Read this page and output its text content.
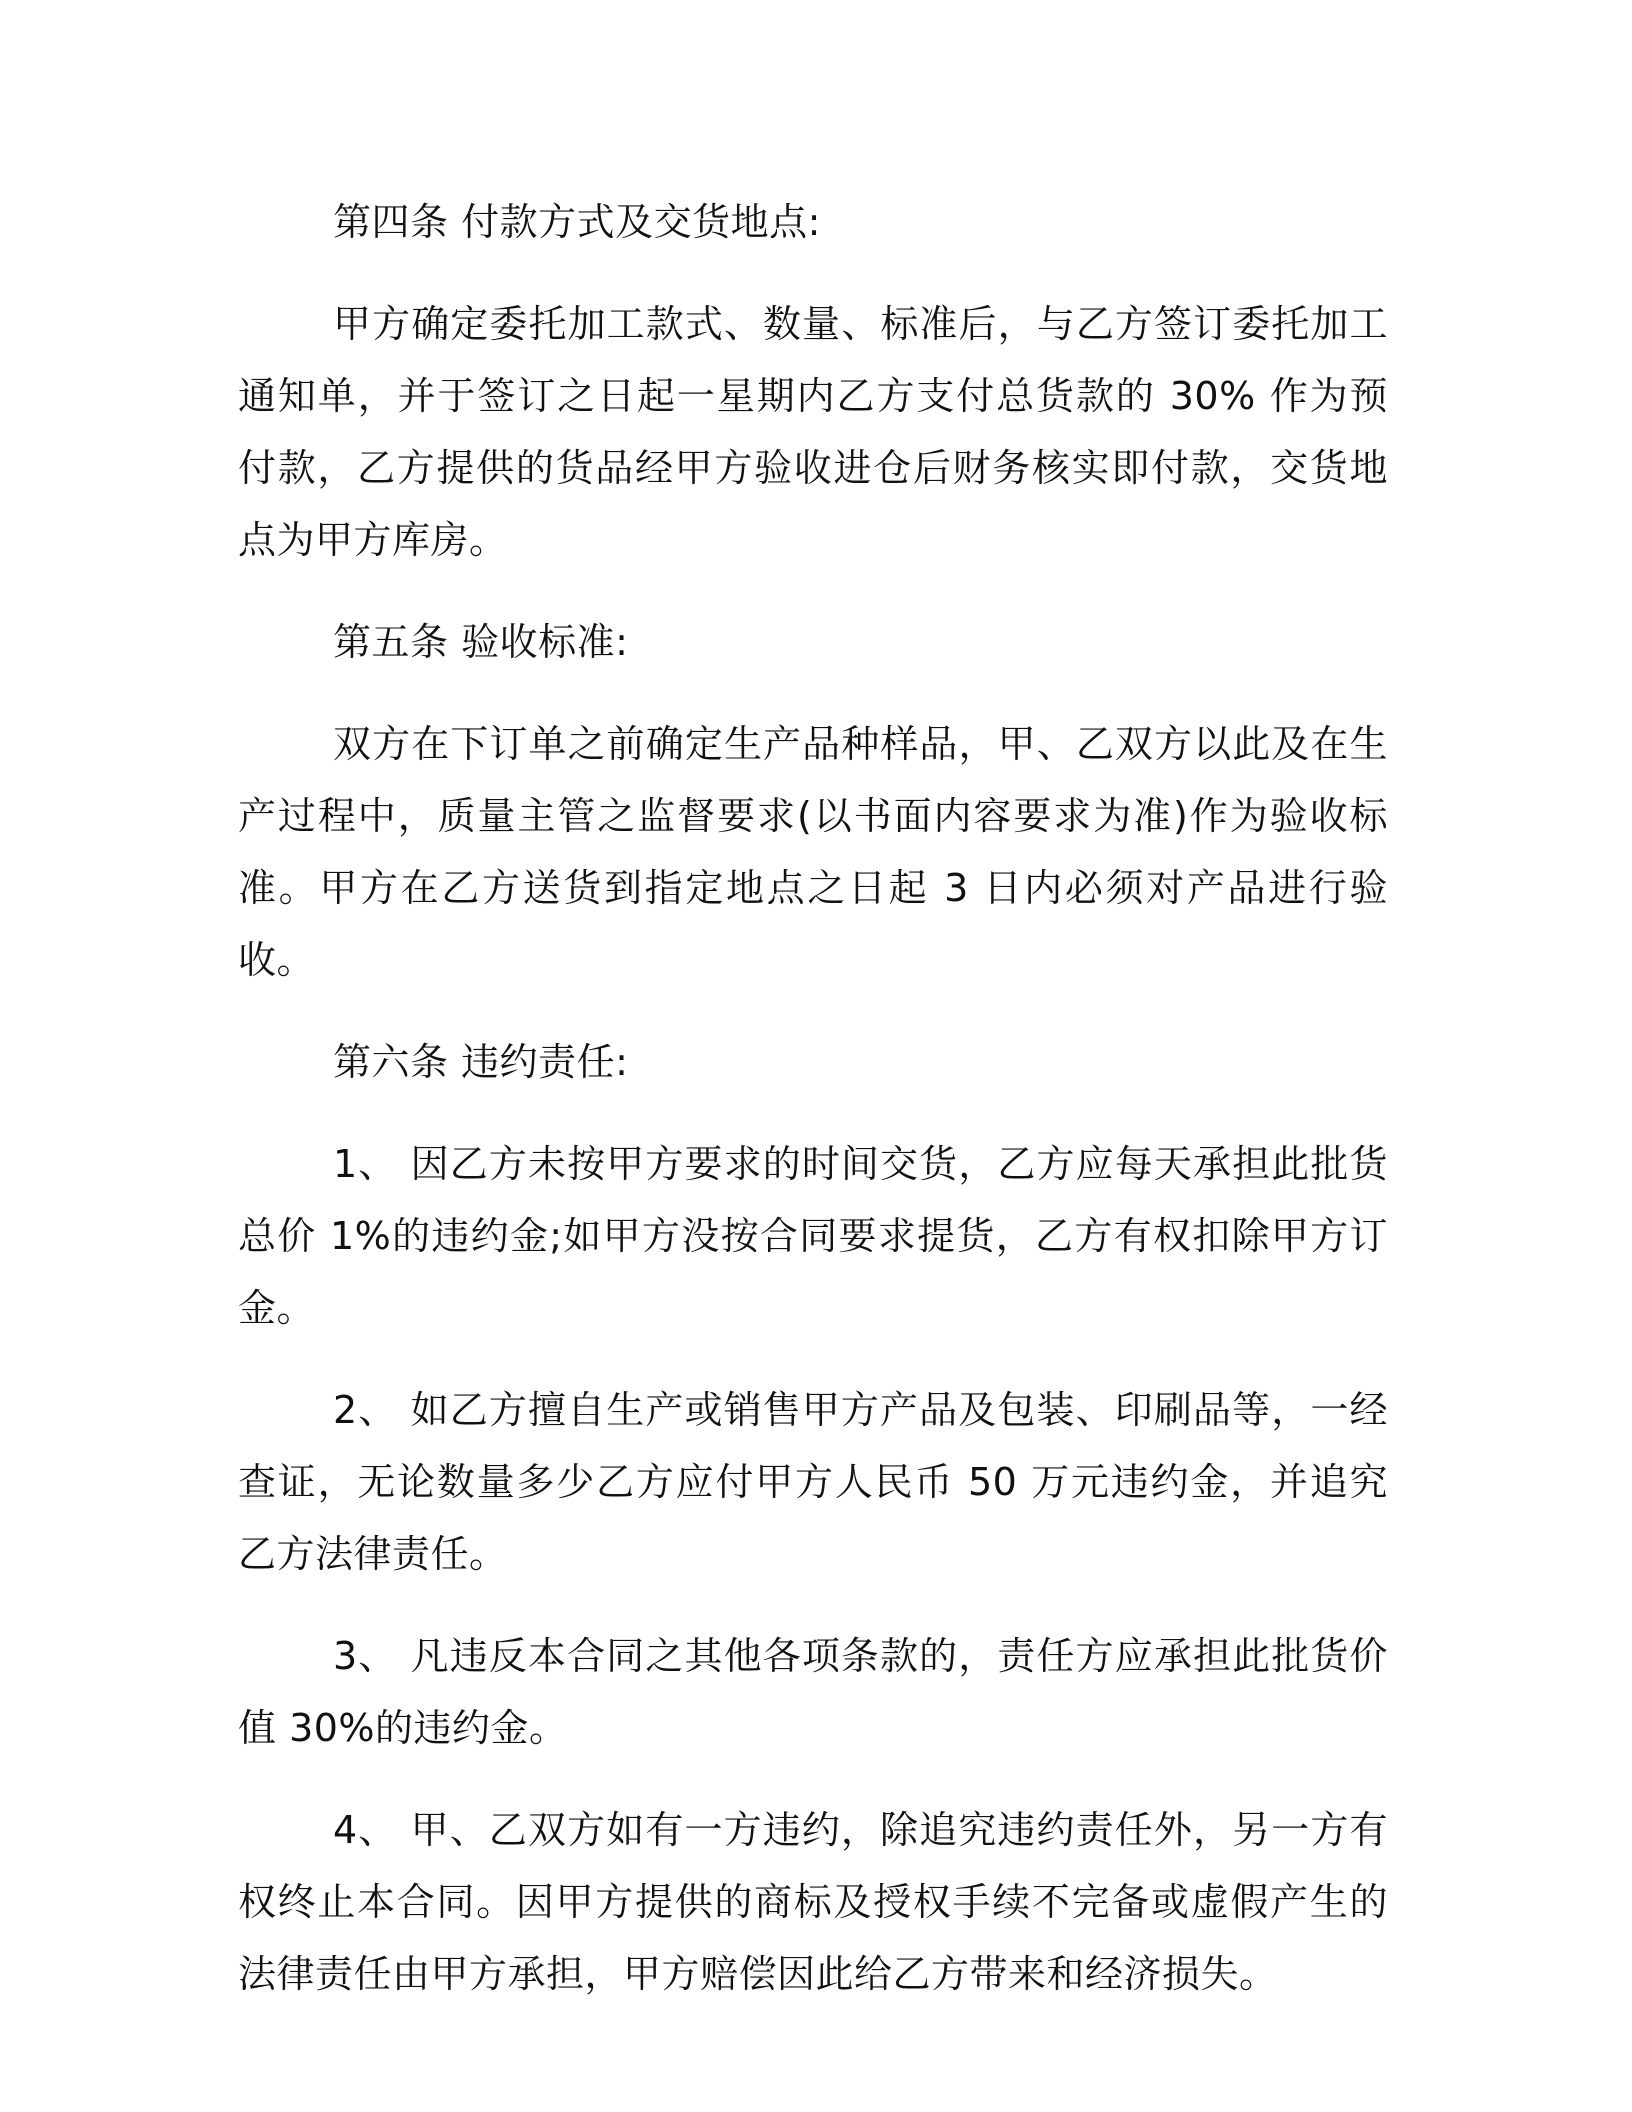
第四条 付款方式及交货地点:

甲方确定委托加工款式、数量、标准后，与乙方签订委托加工通知单，并于签订之日起一星期内乙方支付总货款的 30% 作为预付款，乙方提供的货品经甲方验收进仓后财务核实即付款，交货地点为甲方库房。

第五条 验收标准:

双方在下订单之前确定生产品种样品，甲、乙双方以此及在生产过程中，质量主管之监督要求(以书面内容要求为准)作为验收标准。甲方在乙方送货到指定地点之日起 3 日内必须对产品进行验收。

第六条 违约责任:

1、 因乙方未按甲方要求的时间交货，乙方应每天承担此批货总价 1%的违约金;如甲方没按合同要求提货，乙方有权扣除甲方订金。

2、 如乙方擅自生产或销售甲方产品及包装、印刷品等，一经查证，无论数量多少乙方应付甲方人民币 50 万元违约金，并追究乙方法律责任。

3、 凡违反本合同之其他各项条款的，责任方应承担此批货价值 30%的违约金。

4、 甲、乙双方如有一方违约，除追究违约责任外，另一方有权终止本合同。因甲方提供的商标及授权手续不完备或虚假产生的法律责任由甲方承担，甲方赔偿因此给乙方带来和经济损失。
